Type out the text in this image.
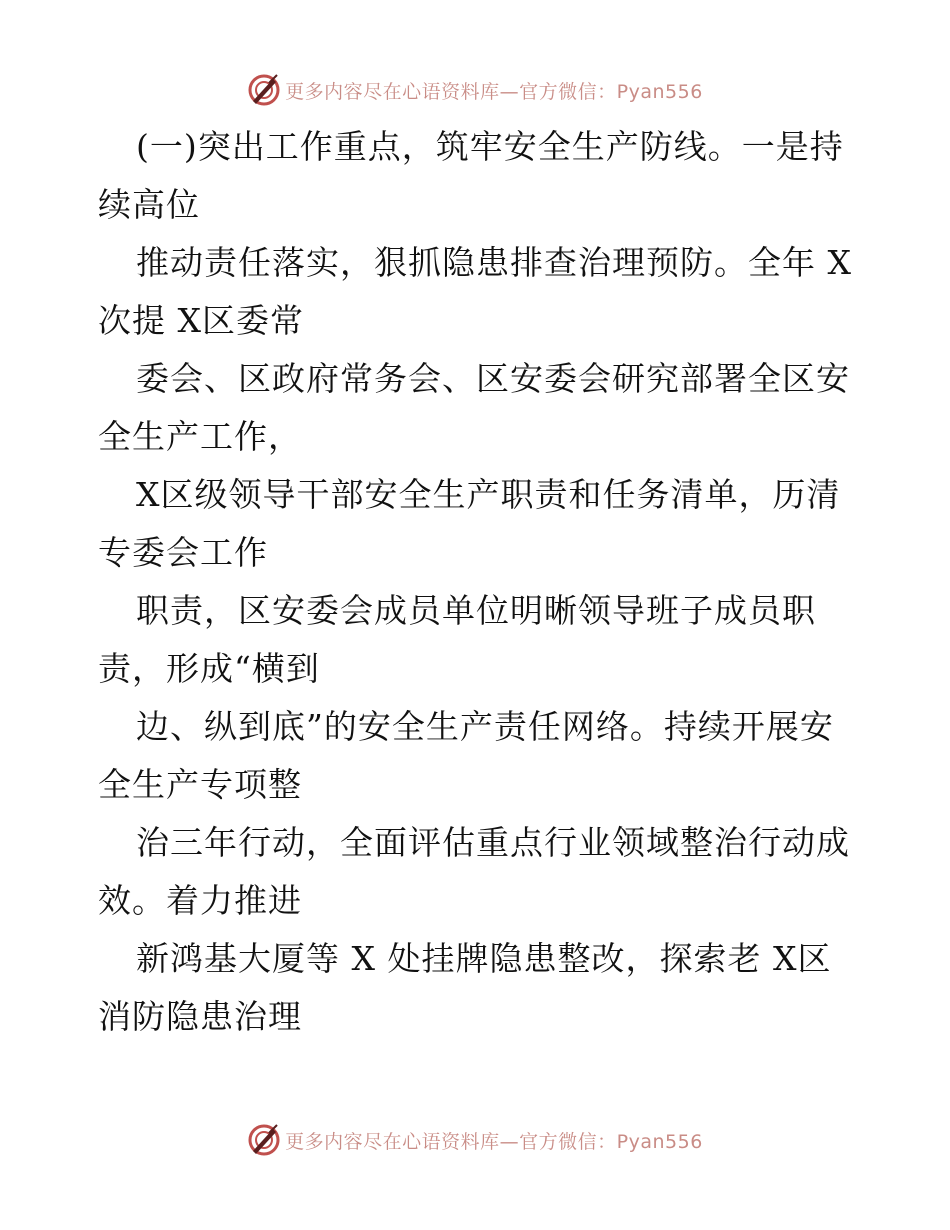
更多内容尽在心语资料库—官方微信：Pyan556

(一)突出工作重点，筑牢安全生产防线。一是持续高位

推动责任落实，狠抓隐患排查治理预防。全年 X 次提 X区委常

委会、区政府常务会、区安委会研究部署全区安全生产工作，

X区级领导干部安全生产职责和任务清单，历清专委会工作

职责，区安委会成员单位明晰领导班子成员职责，形成“横到

边、纵到底”的安全生产责任网络。持续开展安全生产专项整

治三年行动，全面评估重点行业领域整治行动成效。着力推进

新鸿基大厦等 X 处挂牌隐患整改，探索老 X区消防隐患治理

更多内容尽在心语资料库—官方微信：Pyan556
